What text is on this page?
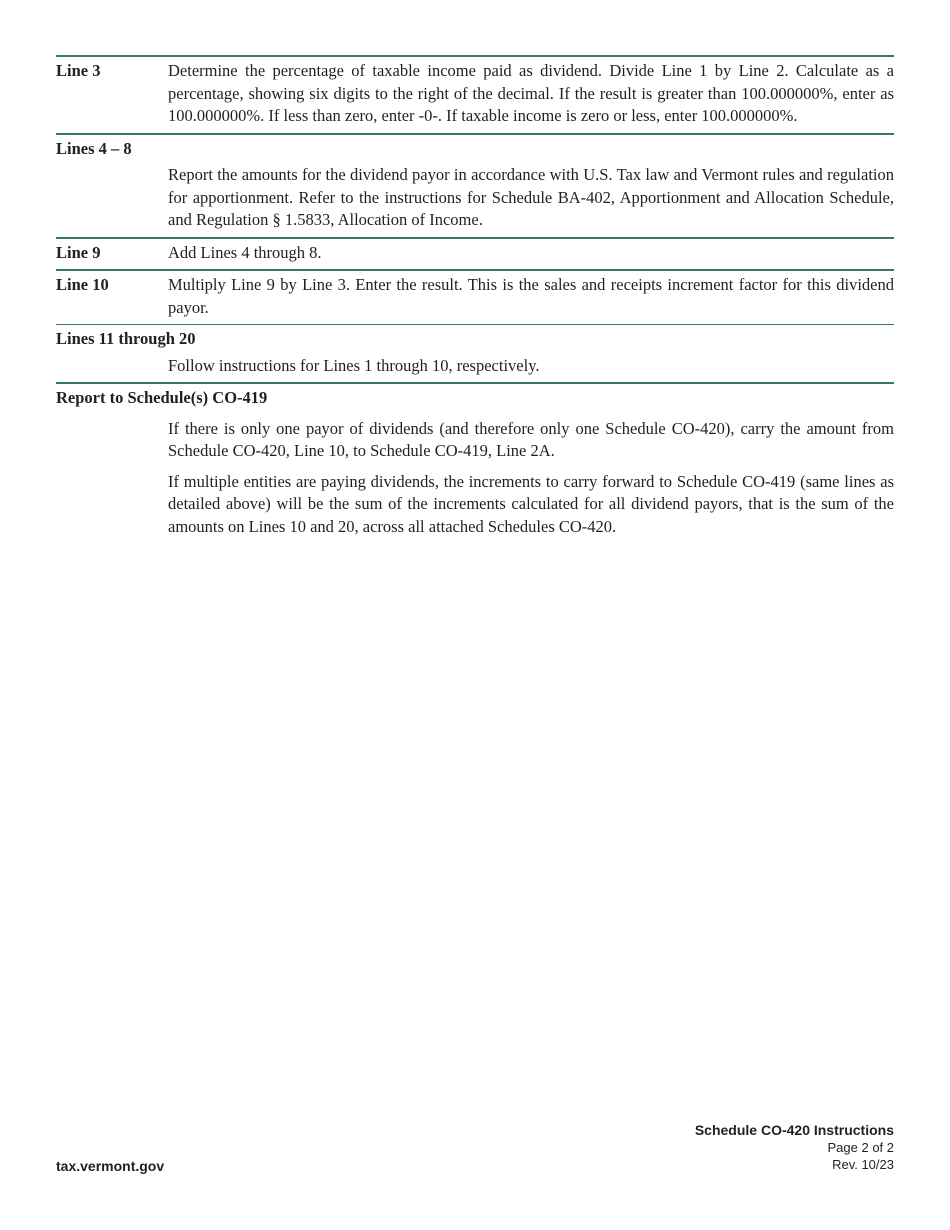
Line 3	Determine the percentage of taxable income paid as dividend. Divide Line 1 by Line 2. Calculate as a percentage, showing six digits to the right of the decimal. If the result is greater than 100.000000%, enter as 100.000000%. If less than zero, enter -0-. If taxable income is zero or less, enter 100.000000%.
Lines 4 – 8
Report the amounts for the dividend payor in accordance with U.S. Tax law and Vermont rules and regulation for apportionment. Refer to the instructions for Schedule BA-402, Apportionment and Allocation Schedule, and Regulation § 1.5833, Allocation of Income.
Line 9	Add Lines 4 through 8.
Line 10	Multiply Line 9 by Line 3. Enter the result. This is the sales and receipts increment factor for this dividend payor.
Lines 11 through 20
Follow instructions for Lines 1 through 10, respectively.
Report to Schedule(s) CO-419
If there is only one payor of dividends (and therefore only one Schedule CO-420), carry the amount from Schedule CO-420, Line 10, to Schedule CO-419, Line 2A.
If multiple entities are paying dividends, the increments to carry forward to Schedule CO-419 (same lines as detailed above) will be the sum of the increments calculated for all dividend payors, that is the sum of the amounts on Lines 10 and 20, across all attached Schedules CO-420.
tax.vermont.gov
Schedule CO-420 Instructions
Page 2 of 2
Rev. 10/23
